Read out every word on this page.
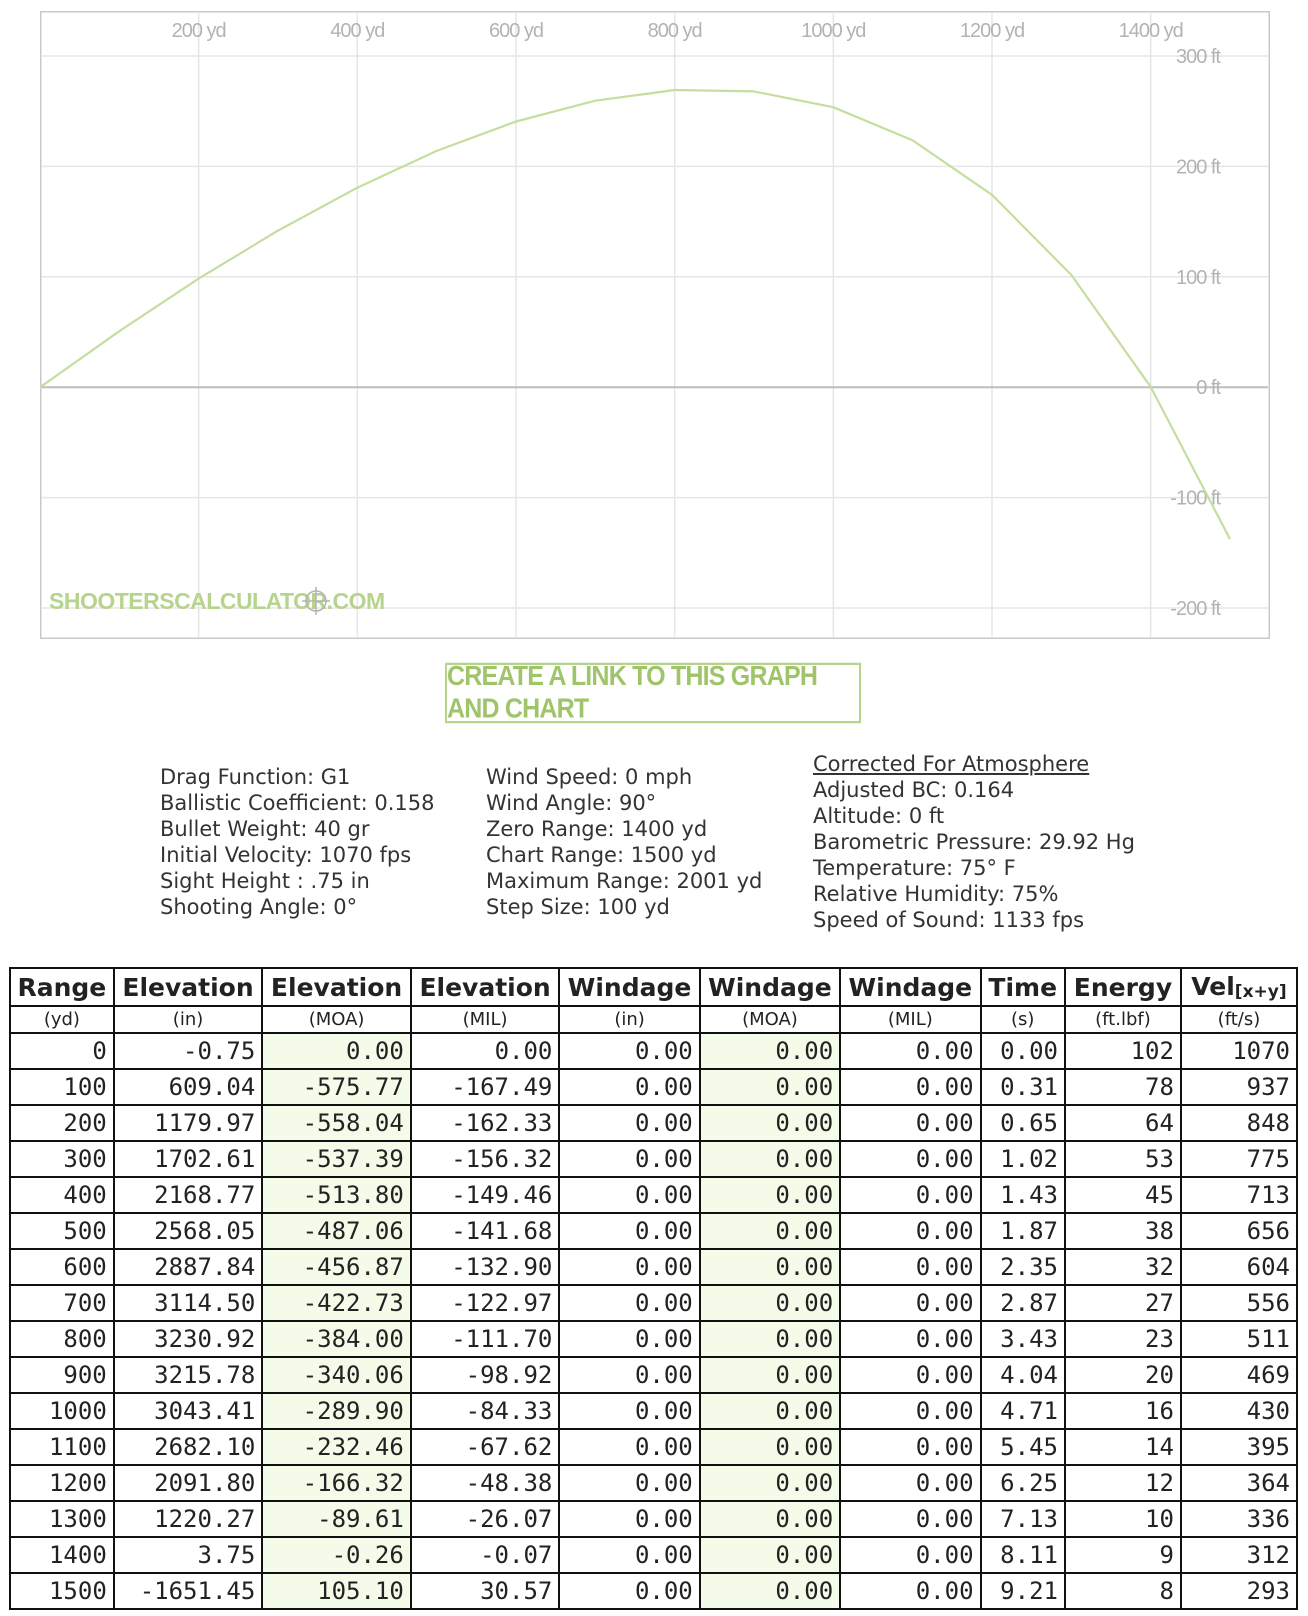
200 yd	400 yd	600 yd	800 yd	1000 yd	1200 yd	1400 yd
300 ft
200 ft
100 ft
0 ft
-100 ft
-200 ft
SHOOTERSCALCULATOR.COM
CREATE A LINK TO THIS GRAPH AND CHART
Drag Function: G1
Ballistic Coefficient: 0.158
Bullet Weight: 40 gr
Initial Velocity: 1070 fps
Sight Height : .75 in
Shooting Angle: 0°
Wind Speed: 0 mph
Wind Angle: 90°
Zero Range: 1400 yd
Chart Range: 1500 yd
Maximum Range: 2001 yd
Step Size: 100 yd
Corrected For Atmosphere
Adjusted BC: 0.164
Altitude: 0 ft
Barometric Pressure: 29.92 Hg
Temperature: 75° F
Relative Humidity: 75%
Speed of Sound: 1133 fps
Range	Elevation	Elevation	Elevation	Windage	Windage	Windage	Time	Energy	Vel$_{[x+y]}$
(yd)	(in)	(MOA)	(MIL)	(in)	(MOA)	(MIL)	(s)	(ft.lbf)	(ft/s)
0	-0.75	0.00	0.00	0.00	0.00	0.00	0.00	102	1070
100	609.04	-575.77	-167.49	0.00	0.00	0.00	0.31	78	937
200	1179.97	-558.04	-162.33	0.00	0.00	0.00	0.65	64	848
300	1702.61	-537.39	-156.32	0.00	0.00	0.00	1.02	53	775
400	2168.77	-513.80	-149.46	0.00	0.00	0.00	1.43	45	713
500	2568.05	-487.06	-141.68	0.00	0.00	0.00	1.87	38	656
600	2887.84	-456.87	-132.90	0.00	0.00	0.00	2.35	32	604
700	3114.50	-422.73	-122.97	0.00	0.00	0.00	2.87	27	556
800	3230.92	-384.00	-111.70	0.00	0.00	0.00	3.43	23	511
900	3215.78	-340.06	-98.92	0.00	0.00	0.00	4.04	20	469
1000	3043.41	-289.90	-84.33	0.00	0.00	0.00	4.71	16	430
1100	2682.10	-232.46	-67.62	0.00	0.00	0.00	5.45	14	395
1200	2091.80	-166.32	-48.38	0.00	0.00	0.00	6.25	12	364
1300	1220.27	-89.61	-26.07	0.00	0.00	0.00	7.13	10	336
1400	3.75	-0.26	-0.07	0.00	0.00	0.00	8.11	9	312
1500	-1651.45	105.10	30.57	0.00	0.00	0.00	9.21	8	293
